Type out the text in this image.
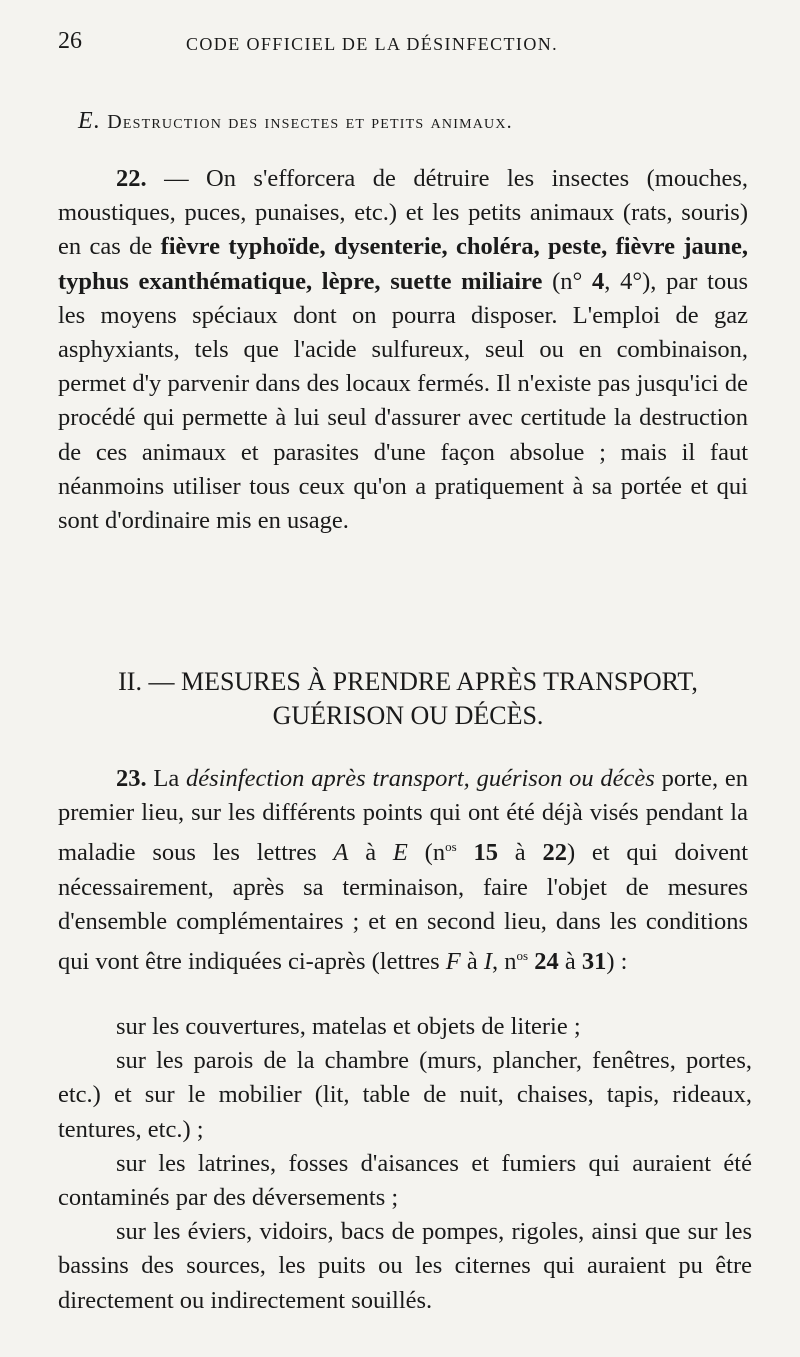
26	CODE OFFICIEL DE LA DÉSINFECTION.
E. Destruction des insectes et petits animaux.

22. — On s'efforcera de détruire les insectes (mouches, moustiques, puces, punaises, etc.) et les petits animaux (rats, souris) en cas de fièvre typhoïde, dysenterie, choléra, peste, fièvre jaune, typhus exanthématique, lèpre, suette miliaire (n° 4, 4°), par tous les moyens spéciaux dont on pourra disposer. L'emploi de gaz asphyxiants, tels que l'acide sulfureux, seul ou en combinaison, permet d'y parvenir dans des locaux fermés. Il n'existe pas jusqu'ici de procédé qui permette à lui seul d'assurer avec certitude la destruction de ces animaux et parasites d'une façon absolue ; mais il faut néanmoins utiliser tous ceux qu'on a pratiquement à sa portée et qui sont d'ordinaire mis en usage.

II. — MESURES À PRENDRE APRÈS TRANSPORT,
GUÉRISON OU DÉCÈS.

23. La désinfection après transport, guérison ou décès porte, en premier lieu, sur les différents points qui ont été déjà visés pendant la maladie sous les lettres A à E ($n^{os}$ 15 à 22) et qui doivent nécessairement, après sa terminaison, faire l'objet de mesures d'ensemble complémentaires ; et en second lieu, dans les conditions qui vont être indiquées ci-après (lettres F à I, $n^{os}$ 24 à 31) :

sur les couvertures, matelas et objets de literie ;

sur les parois de la chambre (murs, plancher, fenêtres, portes, etc.) et sur le mobilier (lit, table de nuit, chaises, tapis, rideaux, tentures, etc.) ;

sur les latrines, fosses d'aisances et fumiers qui auraient été contaminés par des déversements ;

sur les éviers, vidoirs, bacs de pompes, rigoles, ainsi que sur les bassins des sources, les puits ou les citernes qui auraient pu être directement ou indirectement souillés.
